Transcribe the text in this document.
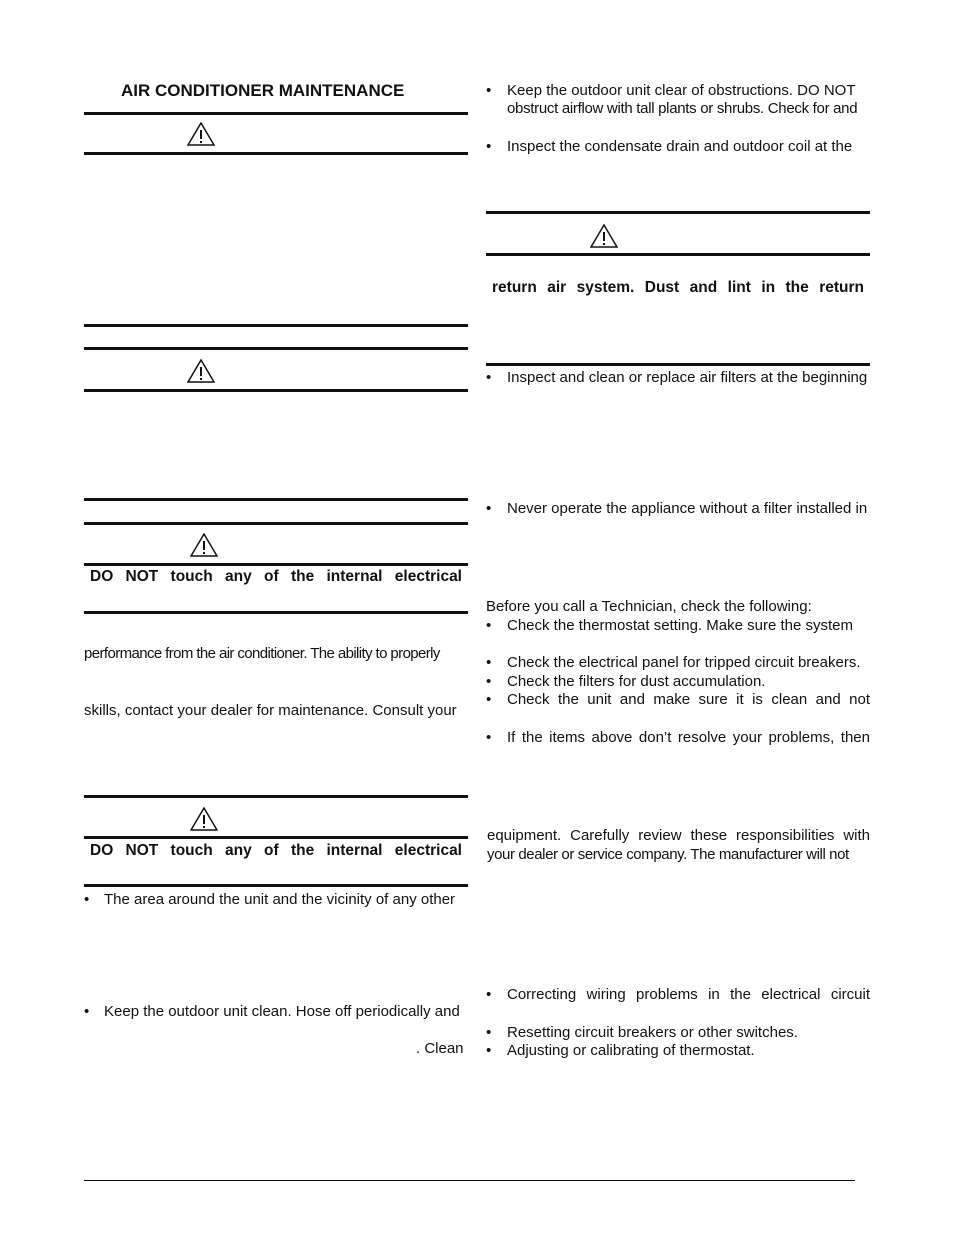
AIR CONDITIONER MAINTENANCE
DO NOT touch any of the internal electrical
performance from the air conditioner. The ability to properly
skills, contact your dealer for maintenance. Consult your
DO NOT touch any of the internal electrical
• The area around the unit and the vicinity of any other
• Keep the outdoor unit clean. Hose off periodically and
. Clean
• Keep the outdoor unit clear of obstructions. DO NOT
obstruct airflow with tall plants or shrubs. Check for and
• Inspect the condensate drain and outdoor coil at the
return air system. Dust and lint in the return
• Inspect and clean or replace air filters at the beginning
• Never operate the appliance without a filter installed in
Before you call a Technician, check the following:
• Check the thermostat setting. Make sure the system
• Check the electrical panel for tripped circuit breakers.
• Check the filters for dust accumulation.
• Check the unit and make sure it is clean and not
• If the items above don’t resolve your problems, then
equipment. Carefully review these responsibilities with
your dealer or service company. The manufacturer will not
• Correcting wiring problems in the electrical circuit
• Resetting circuit breakers or other switches.
• Adjusting or calibrating of thermostat.
